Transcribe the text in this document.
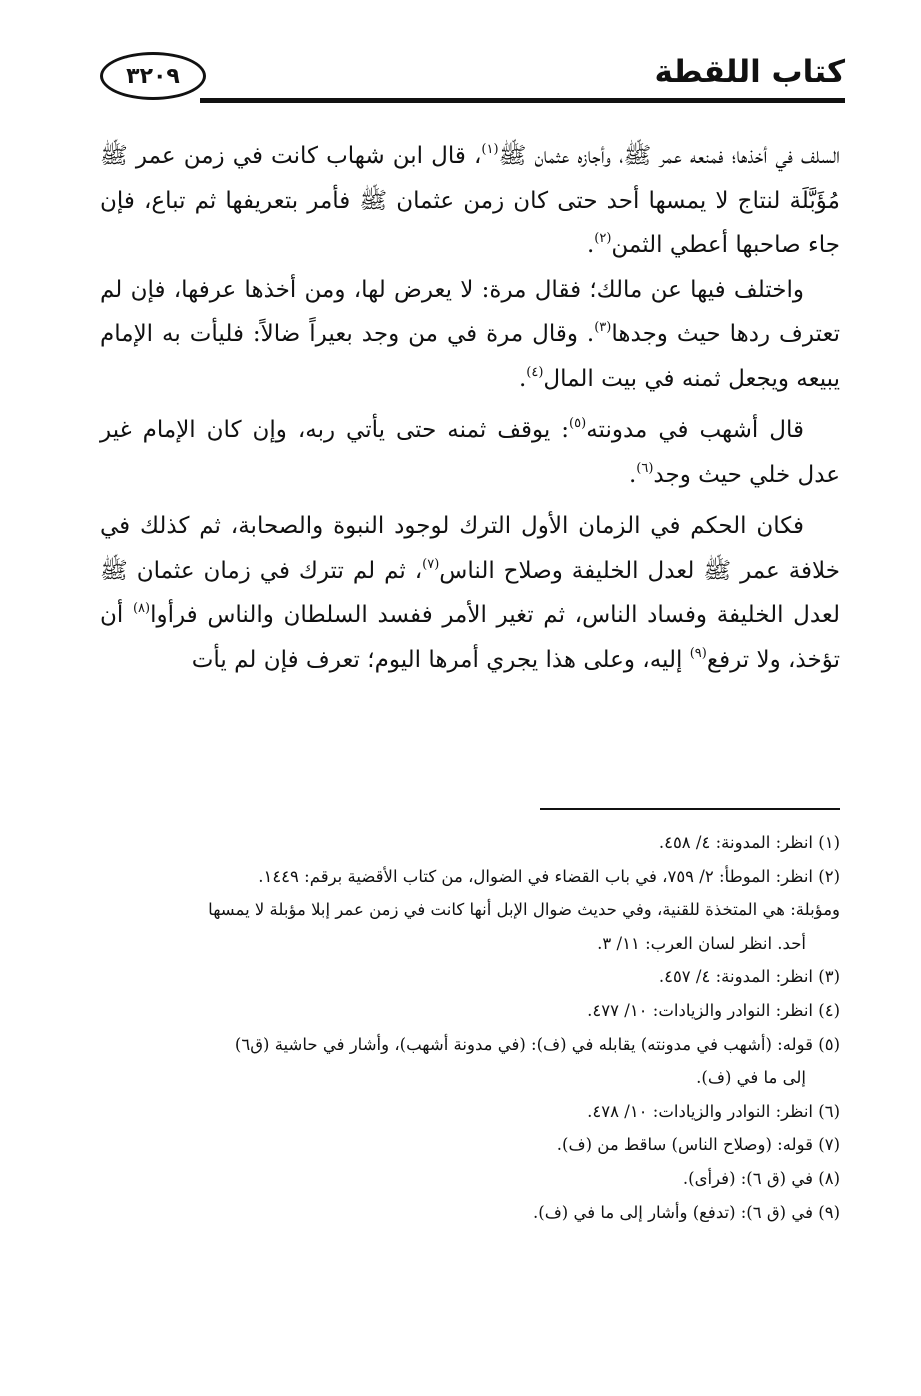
٣٢٠٩	كتاب اللقطة

السلف في أخذها؛ فمنعه عمر ﷺ، وأجازه عثمان ﷺ$^{(١)}$، قال ابن شهاب كانت في زمن عمر ﷺ مُؤَبَّلَة لنتاج لا يمسها أحد حتى كان زمن عثمان ﷺ فأمر بتعريفها ثم تباع، فإن جاء صاحبها أعطي الثمن$^{(٢)}$.

واختلف فيها عن مالك؛ فقال مرة: لا يعرض لها، ومن أخذها عرفها، فإن لم تعترف ردها حيث وجدها$^{(٣)}$. وقال مرة في من وجد بعيراً ضالاً: فليأت به الإمام يبيعه ويجعل ثمنه في بيت المال$^{(٤)}$.

قال أشهب في مدونته$^{(٥)}$: يوقف ثمنه حتى يأتي ربه، وإن كان الإمام غير عدل خلي حيث وجد$^{(٦)}$.

فكان الحكم في الزمان الأول الترك لوجود النبوة والصحابة، ثم كذلك في خلافة عمر ﷺ لعدل الخليفة وصلاح الناس$^{(٧)}$، ثم لم تترك في زمان عثمان ﷺ لعدل الخليفة وفساد الناس، ثم تغير الأمر ففسد السلطان والناس فرأوا$^{(٨)}$ أن تؤخذ، ولا ترفع$^{(٩)}$ إليه، وعلى هذا يجري أمرها اليوم؛ تعرف فإن لم يأت

(١) انظر: المدونة: ٤/ ٤٥٨.

(٢) انظر: الموطأ: ٢/ ٧٥٩، في باب القضاء في الضوال، من كتاب الأقضية برقم: ١٤٤٩.

ومؤبلة: هي المتخذة للقنية، وفي حديث ضوال الإبل أنها كانت في زمن عمر إبلا مؤبلة لا يمسها

أحد. انظر لسان العرب: ١١/ ٣.

(٣) انظر: المدونة: ٤/ ٤٥٧.

(٤) انظر: النوادر والزيادات: ١٠/ ٤٧٧.

(٥) قوله: (أشهب في مدونته) يقابله في (ف): (في مدونة أشهب)، وأشار في حاشية (ق٦)

إلى ما في (ف).

(٦) انظر: النوادر والزيادات: ١٠/ ٤٧٨.

(٧) قوله: (وصلاح الناس) ساقط من (ف).

(٨) في (ق ٦): (فرأى).

(٩) في (ق ٦): (تدفع) وأشار إلى ما في (ف).
